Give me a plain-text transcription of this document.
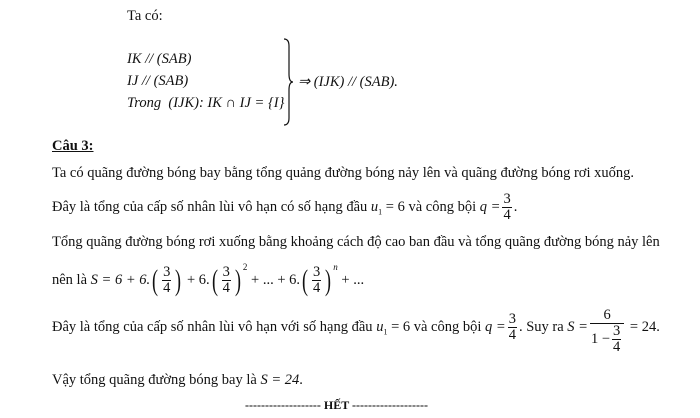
Ta có:
IK // (SAB)
IJ // (SAB)
Trong (IJK): IK ∩ IJ = {I}
⇒ (IJK) // (SAB).
Câu 3:
Ta có quãng đường bóng bay bằng tổng quảng đường bóng nảy lên và quãng đường bóng rơi xuống.
Đây là tổng của cấp số nhân lùi vô hạn có số hạng đầu $u_1 = 6$ và công bội $q = \frac{3}{4}$ .
Tổng quãng đường bóng rơi xuống bằng khoảng cách độ cao ban đầu và tổng quãng đường bóng nảy lên
nên là $S = 6 + 6.( \frac{3}{4}$ ) + $6.( \frac{3}{4}$ ) $^2$ + ... + $6.( \frac{3}{4}$ ) $^n$ + ...
Đây là tổng của cấp số nhân lùi vô hạn với số hạng đầu $u_1 = 6$ và công bội $q = \frac{3}{4}$ . Suy ra $S = \frac{6}{1 - \frac{3}{4}} = 24$.
Vậy tổng quãng đường bóng bay là S = 24.
------------------- HẾT -------------------
